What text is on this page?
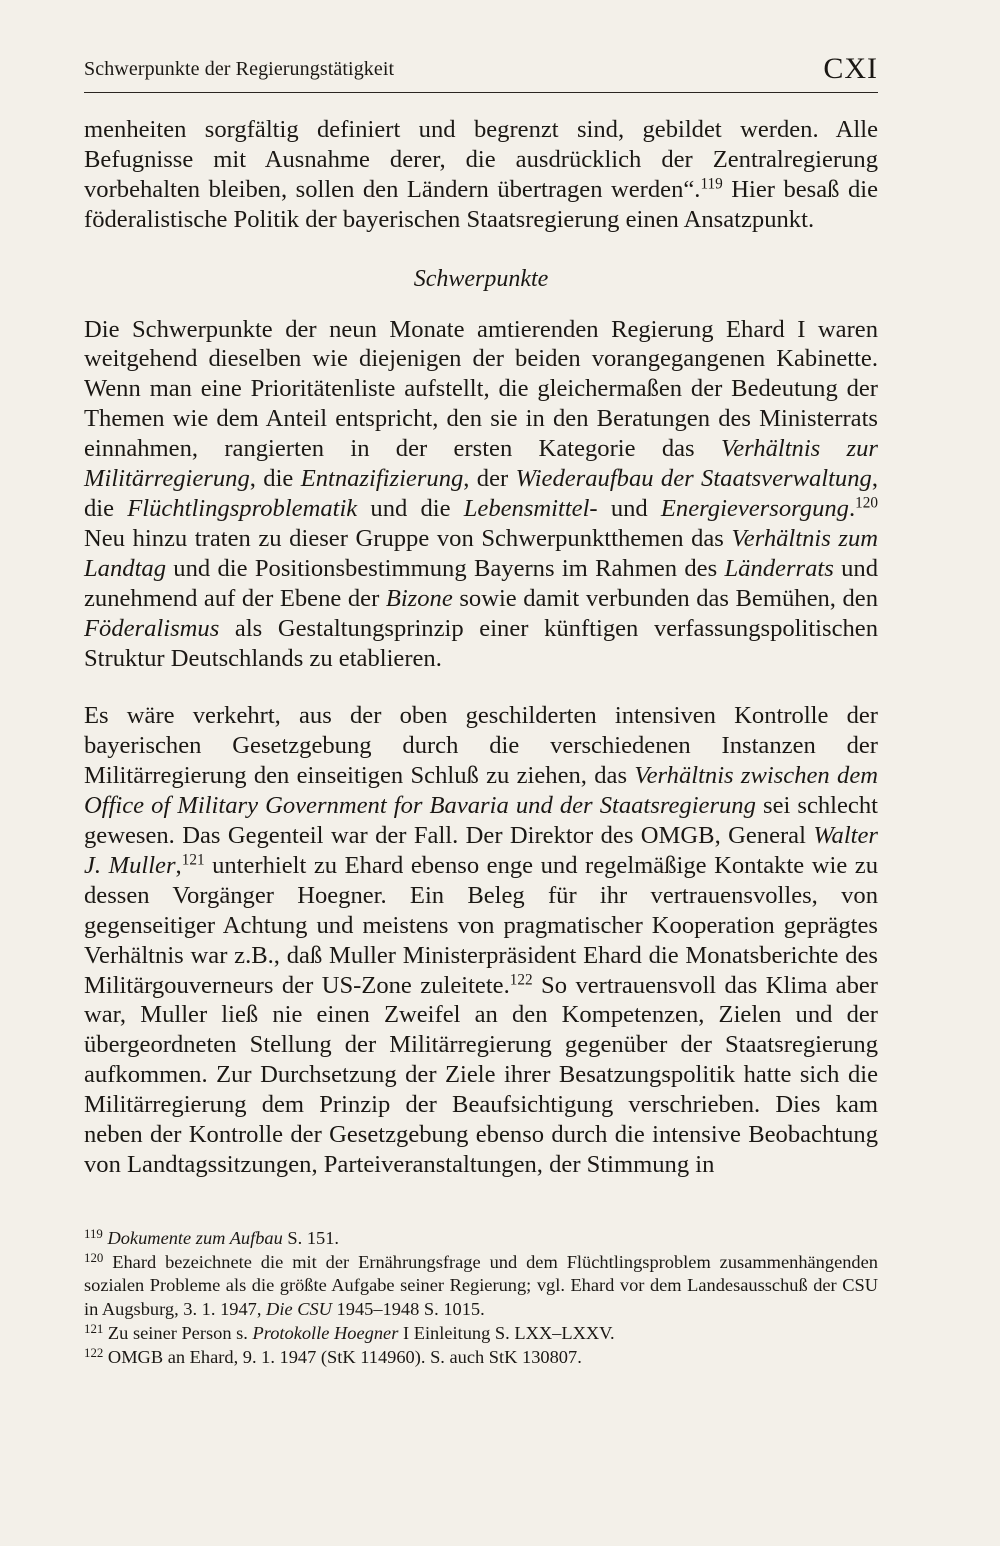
Schwerpunkte der Regierungstätigkeit	CXI

menheiten sorgfältig definiert und begrenzt sind, gebildet werden. Alle Befugnisse mit Ausnahme derer, die ausdrücklich der Zentralregierung vorbehalten bleiben, sollen den Ländern übertragen werden“.$^{119}$ Hier besaß die föderalistische Politik der bayerischen Staatsregierung einen Ansatzpunkt.

Schwerpunkte

Die Schwerpunkte der neun Monate amtierenden Regierung Ehard I waren weitgehend dieselben wie diejenigen der beiden vorangegangenen Kabinette. Wenn man eine Prioritätenliste aufstellt, die gleichermaßen der Bedeutung der Themen wie dem Anteil entspricht, den sie in den Beratungen des Ministerrats einnahmen, rangierten in der ersten Kategorie das Verhältnis zur Militärregierung, die Entnazifizierung, der Wiederaufbau der Staatsverwaltung, die Flüchtlingsproblematik und die Lebensmittel- und Energieversorgung.$^{120}$ Neu hinzu traten zu dieser Gruppe von Schwerpunktthemen das Verhältnis zum Landtag und die Positionsbestimmung Bayerns im Rahmen des Länderrats und zunehmend auf der Ebene der Bizone sowie damit verbunden das Bemühen, den Föderalismus als Gestaltungsprinzip einer künftigen verfassungspolitischen Struktur Deutschlands zu etablieren.

Es wäre verkehrt, aus der oben geschilderten intensiven Kontrolle der bayerischen Gesetzgebung durch die verschiedenen Instanzen der Militärregierung den einseitigen Schluß zu ziehen, das Verhältnis zwischen dem Office of Military Government for Bavaria und der Staatsregierung sei schlecht gewesen. Das Gegenteil war der Fall. Der Direktor des OMGB, General Walter J. Muller,$^{121}$ unterhielt zu Ehard ebenso enge und regelmäßige Kontakte wie zu dessen Vorgänger Hoegner. Ein Beleg für ihr vertrauensvolles, von gegenseitiger Achtung und meistens von pragmatischer Kooperation geprägtes Verhältnis war z.B., daß Muller Ministerpräsident Ehard die Monatsberichte des Militärgouverneurs der US-Zone zuleitete.$^{122}$ So vertrauensvoll das Klima aber war, Muller ließ nie einen Zweifel an den Kompetenzen, Zielen und der übergeordneten Stellung der Militärregierung gegenüber der Staatsregierung aufkommen. Zur Durchsetzung der Ziele ihrer Besatzungspolitik hatte sich die Militärregierung dem Prinzip der Beaufsichtigung verschrieben. Dies kam neben der Kontrolle der Gesetzgebung ebenso durch die intensive Beobachtung von Landtagssitzungen, Parteiveranstaltungen, der Stimmung in

$^{119}$ Dokumente zum Aufbau S. 151.

$^{120}$ Ehard bezeichnete die mit der Ernährungsfrage und dem Flüchtlingsproblem zusammenhängenden sozialen Probleme als die größte Aufgabe seiner Regierung; vgl. Ehard vor dem Landesausschuß der CSU in Augsburg, 3. 1. 1947, Die CSU 1945–1948 S. 1015.

$^{121}$ Zu seiner Person s. Protokolle Hoegner I Einleitung S. LXX–LXXV.

$^{122}$ OMGB an Ehard, 9. 1. 1947 (StK 114960). S. auch StK 130807.
